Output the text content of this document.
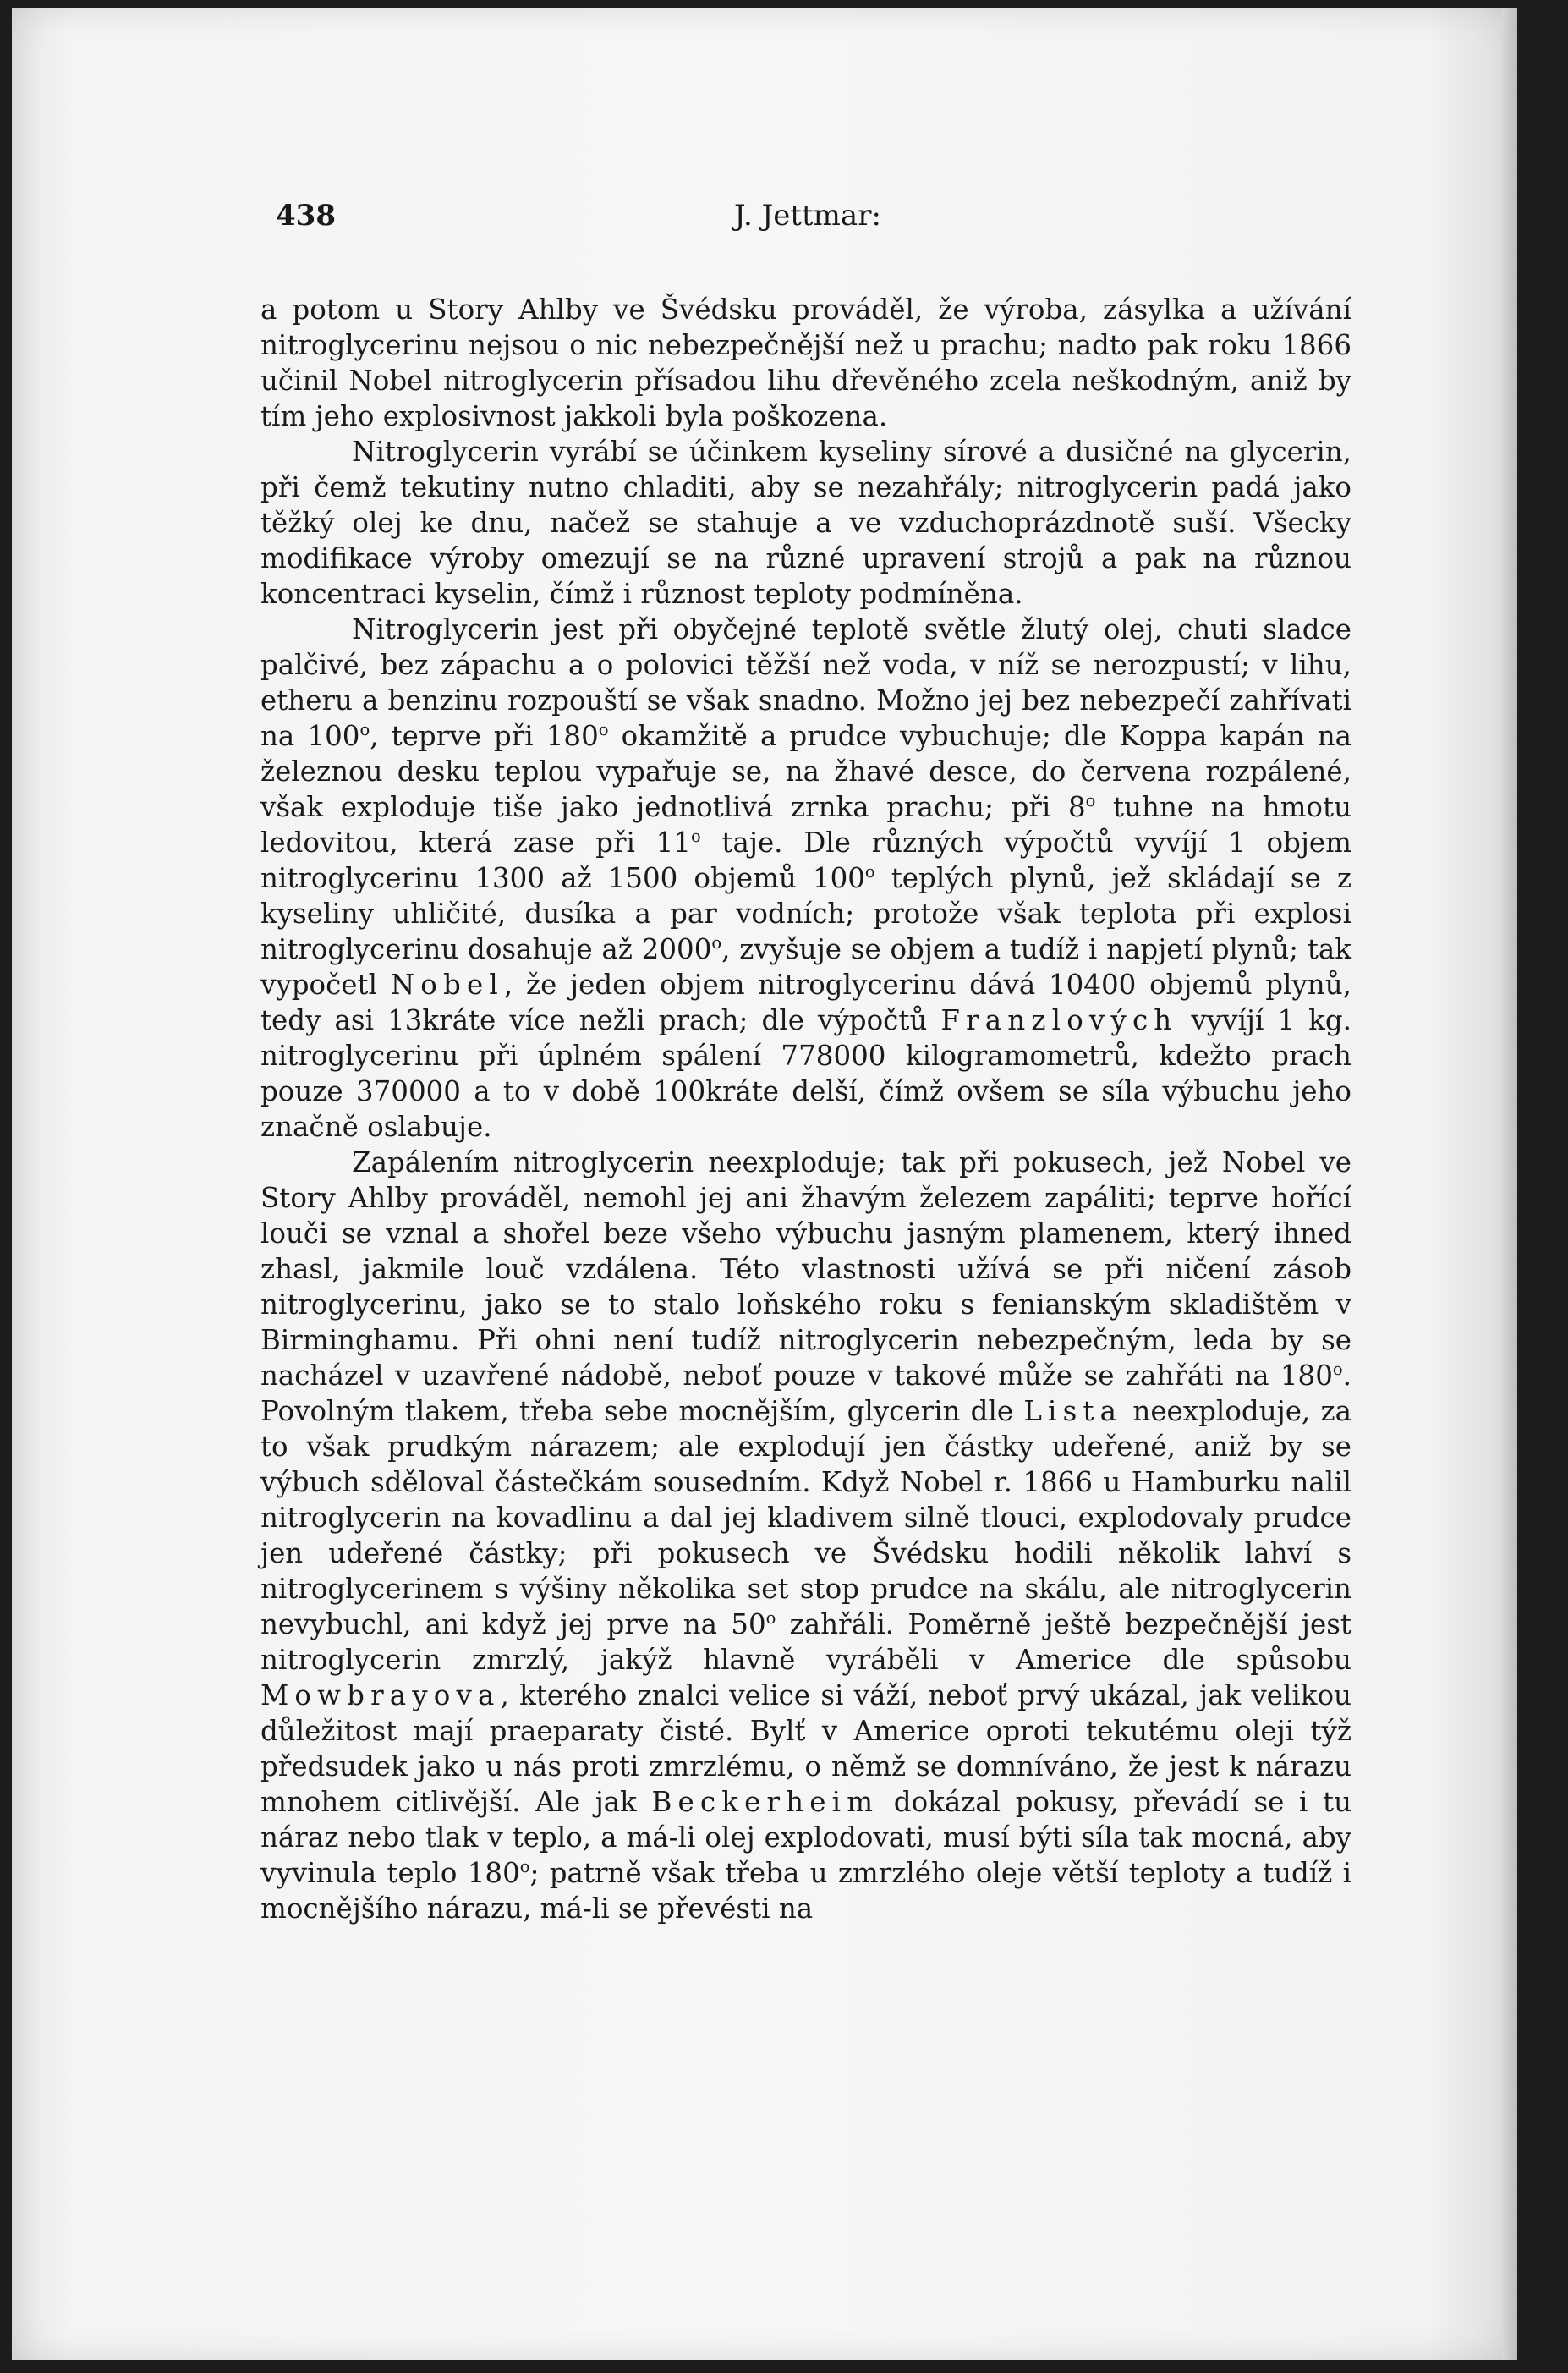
438	J. Jettmar:

a potom u Story Ahlby ve Švédsku prováděl, že výroba, zásylka a užívání nitroglycerinu nejsou o nic nebezpečnější než u prachu; nadto pak roku 1866 učinil Nobel nitroglycerin přísadou lihu dřevěného zcela neškodným, aniž by tím jeho explosivnost jakkoli byla poškozena.

Nitroglycerin vyrábí se účinkem kyseliny sírové a dusičné na glycerin, při čemž tekutiny nutno chladiti, aby se nezahřály; nitroglycerin padá jako těžký olej ke dnu, načež se stahuje a ve vzduchoprázdnotě suší. Všecky modifikace výroby omezují se na různé upravení strojů a pak na různou koncentraci kyselin, čímž i různost teploty podmíněna.

Nitroglycerin jest při obyčejné teplotě světle žlutý olej, chuti sladce palčivé, bez zápachu a o polovici těžší než voda, v níž se nerozpustí; v lihu, etheru a benzinu rozpouští se však snadno. Možno jej bez nebezpečí zahřívati na 100$^o$, teprve při 180$^o$ okamžitě a prudce vybuchuje; dle Koppa kapán na železnou desku teplou vypařuje se, na žhavé desce, do červena rozpálené, však exploduje tiše jako jednotlivá zrnka prachu; při 8$^o$ tuhne na hmotu ledovitou, která zase při 11$^o$ taje. Dle různých výpočtů vyvíjí 1 objem nitroglycerinu 1300 až 1500 objemů 100$^o$ teplých plynů, jež skládají se z kyseliny uhličité, dusíka a par vodních; protože však teplota při explosi nitroglycerinu dosahuje až 2000$^o$, zvyšuje se objem a tudíž i napjetí plynů; tak vypočetl Nobel, že jeden objem nitroglycerinu dává 10400 objemů plynů, tedy asi 13kráte více nežli prach; dle výpočtů Franzlových vyvíjí 1 kg. nitroglycerinu při úplném spálení 778000 kilogramometrů, kdežto prach pouze 370000 a to v době 100kráte delší, čímž ovšem se síla výbuchu jeho značně oslabuje.

Zapálením nitroglycerin neexploduje; tak při pokusech, jež Nobel ve Story Ahlby prováděl, nemohl jej ani žhavým železem zapáliti; teprve hořící louči se vznal a shořel beze všeho výbuchu jasným plamenem, který ihned zhasl, jakmile louč vzdálena. Této vlastnosti užívá se při ničení zásob nitroglycerinu, jako se to stalo loňského roku s fenianským skladištěm v Birminghamu. Při ohni není tudíž nitroglycerin nebezpečným, leda by se nacházel v uzavřené nádobě, neboť pouze v takové může se zahřáti na 180$^o$. Povolným tlakem, třeba sebe mocnějším, glycerin dle Lista neexploduje, za to však prudkým nárazem; ale explodují jen částky udeřené, aniž by se výbuch sděloval částečkám sousedním. Když Nobel r. 1866 u Hamburku nalil nitroglycerin na kovadlinu a dal jej kladivem silně tlouci, explodovaly prudce jen udeřené částky; při pokusech ve Švédsku hodili několik lahví s nitroglycerinem s výšiny několika set stop prudce na skálu, ale nitroglycerin nevybuchl, ani když jej prve na 50$^o$ zahřáli. Poměrně ještě bezpečnější jest nitroglycerin zmrzlý, jakýž hlavně vyráběli v Americe dle spůsobu Mowbrayova, kterého znalci velice si váží, neboť prvý ukázal, jak velikou důležitost mají praeparaty čisté. Bylť v Americe oproti tekutému oleji týž předsudek jako u nás proti zmrzlému, o němž se domníváno, že jest k nárazu mnohem citlivější. Ale jak Beckerheim dokázal pokusy, převádí se i tu náraz nebo tlak v teplo, a má-li olej explodovati, musí býti síla tak mocná, aby vyvinula teplo 180$^o$; patrně však třeba u zmrzlého oleje větší teploty a tudíž i mocnějšího nárazu, má-li se převésti na
